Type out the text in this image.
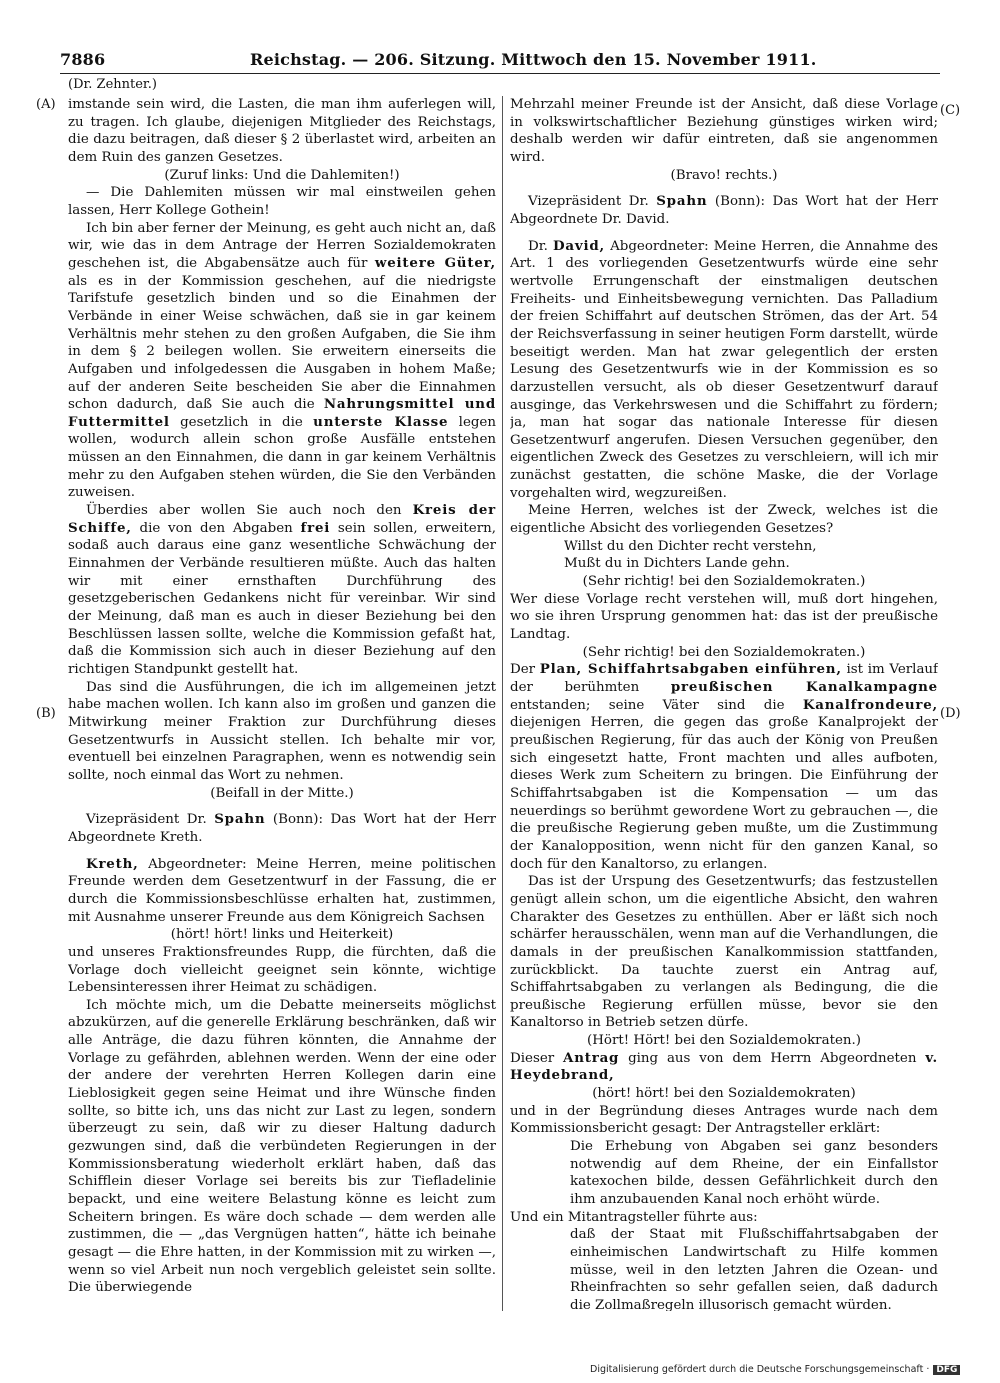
7886	Reichstag. — 206. Sitzung. Mittwoch den 15. November 1911.
(Dr. Zehnter.)
(A)
(B)
(C)
(D)

imstande sein wird, die Lasten, die man ihm auferlegen will, zu tragen. Ich glaube, diejenigen Mitglieder des Reichstags, die dazu beitragen, daß dieser § 2 überlastet wird, arbeiten an dem Ruin des ganzen Gesetzes.

(Zuruf links: Und die Dahlemiten!)

— Die Dahlemiten müssen wir mal einstweilen gehen lassen, Herr Kollege Gothein!

Ich bin aber ferner der Meinung, es geht auch nicht an, daß wir, wie das in dem Antrage der Herren Sozialdemokraten geschehen ist, die Abgabensätze auch für weitere Güter, als es in der Kommission geschehen, auf die niedrigste Tarifstufe gesetzlich binden und so die Einahmen der Verbände in einer Weise schwächen, daß sie in gar keinem Verhältnis mehr stehen zu den großen Aufgaben, die Sie ihm in dem § 2 beilegen wollen. Sie erweitern einerseits die Aufgaben und infolgedessen die Ausgaben in hohem Maße; auf der anderen Seite bescheiden Sie aber die Einnahmen schon dadurch, daß Sie auch die Nahrungsmittel und Futtermittel gesetzlich in die unterste Klasse legen wollen, wodurch allein schon große Ausfälle entstehen müssen an den Einnahmen, die dann in gar keinem Verhältnis mehr zu den Aufgaben stehen würden, die Sie den Verbänden zuweisen.

Überdies aber wollen Sie auch noch den Kreis der Schiffe, die von den Abgaben frei sein sollen, erweitern, sodaß auch daraus eine ganz wesentliche Schwächung der Einnahmen der Verbände resultieren müßte. Auch das halten wir mit einer ernsthaften Durchführung des gesetzgeberischen Gedankens nicht für vereinbar. Wir sind der Meinung, daß man es auch in dieser Beziehung bei den Beschlüssen lassen sollte, welche die Kommission gefaßt hat, daß die Kommission sich auch in dieser Beziehung auf den richtigen Standpunkt gestellt hat.

Das sind die Ausführungen, die ich im allgemeinen jetzt habe machen wollen. Ich kann also im großen und ganzen die Mitwirkung meiner Fraktion zur Durchführung dieses Gesetzentwurfs in Aussicht stellen. Ich behalte mir vor, eventuell bei einzelnen Paragraphen, wenn es notwendig sein sollte, noch einmal das Wort zu nehmen.

(Beifall in der Mitte.)

Vizepräsident Dr. Spahn (Bonn): Das Wort hat der Herr Abgeordnete Kreth.

Kreth, Abgeordneter: Meine Herren, meine politischen Freunde werden dem Gesetzentwurf in der Fassung, die er durch die Kommissionsbeschlüsse erhalten hat, zustimmen, mit Ausnahme unserer Freunde aus dem Königreich Sachsen

(hört! hört! links und Heiterkeit)

und unseres Fraktionsfreundes Rupp, die fürchten, daß die Vorlage doch vielleicht geeignet sein könnte, wichtige Lebensinteressen ihrer Heimat zu schädigen.

Ich möchte mich, um die Debatte meinerseits möglichst abzukürzen, auf die generelle Erklärung beschränken, daß wir alle Anträge, die dazu führen könnten, die Annahme der Vorlage zu gefährden, ablehnen werden. Wenn der eine oder der andere der verehrten Herren Kollegen darin eine Lieblosigkeit gegen seine Heimat und ihre Wünsche finden sollte, so bitte ich, uns das nicht zur Last zu legen, sondern überzeugt zu sein, daß wir zu dieser Haltung dadurch gezwungen sind, daß die verbündeten Regierungen in der Kommissionsberatung wiederholt erklärt haben, daß das Schifflein dieser Vorlage sei bereits bis zur Tiefladelinie bepackt, und eine weitere Belastung könne es leicht zum Scheitern bringen. Es wäre doch schade — dem werden alle zustimmen, die — „das Vergnügen hatten“, hätte ich beinahe gesagt — die Ehre hatten, in der Kommission mit zu wirken —, wenn so viel Arbeit nun noch vergeblich geleistet sein sollte. Die überwiegende

Mehrzahl meiner Freunde ist der Ansicht, daß diese Vorlage in volkswirtschaftlicher Beziehung günstiges wirken wird; deshalb werden wir dafür eintreten, daß sie angenommen wird.

(Bravo! rechts.)

Vizepräsident Dr. Spahn (Bonn): Das Wort hat der Herr Abgeordnete Dr. David.

Dr. David, Abgeordneter: Meine Herren, die Annahme des Art. 1 des vorliegenden Gesetzentwurfs würde eine sehr wertvolle Errungenschaft der einstmaligen deutschen Freiheits- und Einheitsbewegung vernichten. Das Palladium der freien Schiffahrt auf deutschen Strömen, das der Art. 54 der Reichsverfassung in seiner heutigen Form darstellt, würde beseitigt werden. Man hat zwar gelegentlich der ersten Lesung des Gesetzentwurfs wie in der Kommission es so darzustellen versucht, als ob dieser Gesetzentwurf darauf ausginge, das Verkehrswesen und die Schiffahrt zu fördern; ja, man hat sogar das nationale Interesse für diesen Gesetzentwurf angerufen. Diesen Versuchen gegenüber, den eigentlichen Zweck des Gesetzes zu verschleiern, will ich mir zunächst gestatten, die schöne Maske, die der Vorlage vorgehalten wird, wegzureißen.

Meine Herren, welches ist der Zweck, welches ist die eigentliche Absicht des vorliegenden Gesetzes?

Willst du den Dichter recht verstehn,

Mußt du in Dichters Lande gehn.

(Sehr richtig! bei den Sozialdemokraten.)

Wer diese Vorlage recht verstehen will, muß dort hingehen, wo sie ihren Ursprung genommen hat: das ist der preußische Landtag.

(Sehr richtig! bei den Sozialdemokraten.)

Der Plan, Schiffahrtsabgaben einführen, ist im Verlauf der berühmten preußischen Kanalkampagne entstanden; seine Väter sind die Kanalfrondeure, diejenigen Herren, die gegen das große Kanalprojekt der preußischen Regierung, für das auch der König von Preußen sich eingesetzt hatte, Front machten und alles aufboten, dieses Werk zum Scheitern zu bringen. Die Einführung der Schiffahrtsabgaben ist die Kompensation — um das neuerdings so berühmt gewordene Wort zu gebrauchen —, die die preußische Regierung geben mußte, um die Zustimmung der Kanalopposition, wenn nicht für den ganzen Kanal, so doch für den Kanaltorso, zu erlangen.

Das ist der Urspung des Gesetzentwurfs; das festzustellen genügt allein schon, um die eigentliche Absicht, den wahren Charakter des Gesetzes zu enthüllen. Aber er läßt sich noch schärfer herausschälen, wenn man auf die Verhandlungen, die damals in der preußischen Kanalkommission stattfanden, zurückblickt. Da tauchte zuerst ein Antrag auf, Schiffahrtsabgaben zu verlangen als Bedingung, die die preußische Regierung erfüllen müsse, bevor sie den Kanaltorso in Betrieb setzen dürfe.

(Hört! Hört! bei den Sozialdemokraten.)

Dieser Antrag ging aus von dem Herrn Abgeordneten v. Heydebrand,

(hört! hört! bei den Sozialdemokraten)

und in der Begründung dieses Antrages wurde nach dem Kommissionsbericht gesagt: Der Antragsteller erklärt:

Die Erhebung von Abgaben sei ganz besonders notwendig auf dem Rheine, der ein Einfallstor katexochen bilde, dessen Gefährlichkeit durch den ihm anzubauenden Kanal noch erhöht würde.

Und ein Mitantragsteller führte aus:

daß der Staat mit Flußschiffahrtsabgaben der einheimischen Landwirtschaft zu Hilfe kommen müsse, weil in den letzten Jahren die Ozean- und Rheinfrachten so sehr gefallen seien, daß dadurch die Zollmaßregeln illusorisch gemacht würden.

Digitalisierung gefördert durch die Deutsche Forschungsgemeinschaft · DFG
